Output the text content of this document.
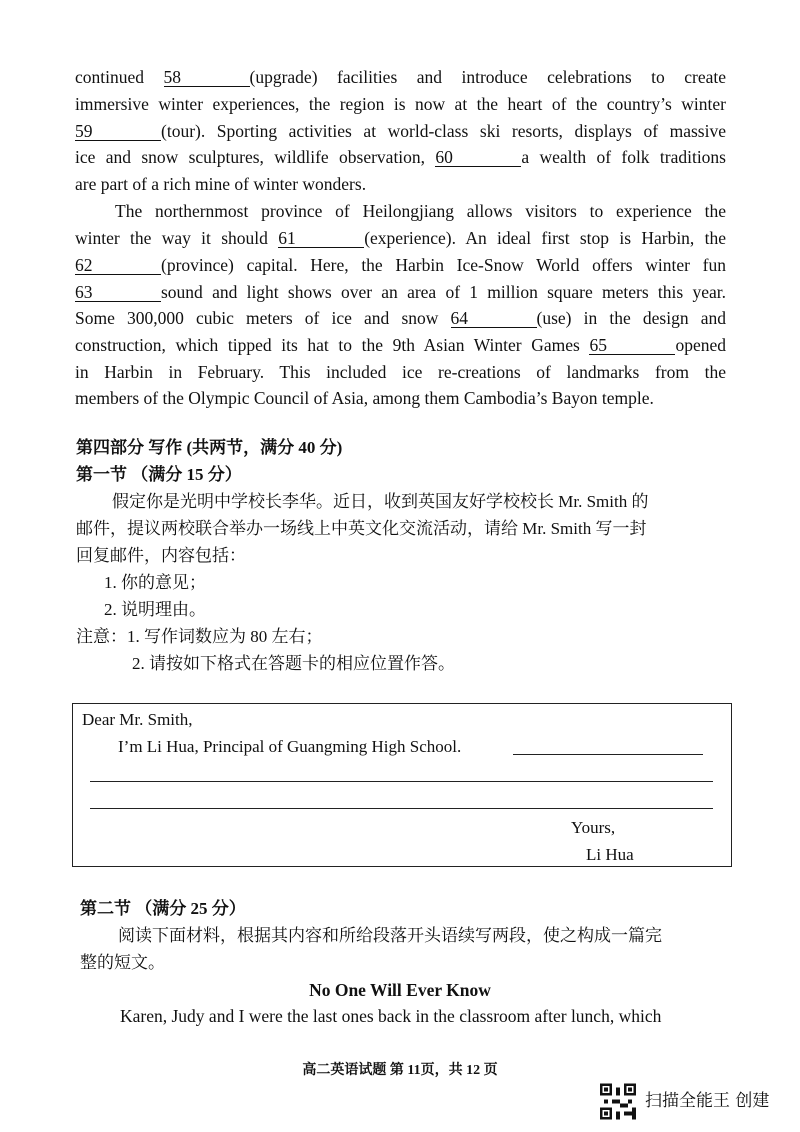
continued 58	(upgrade) facilities and introduce celebrations to create
immersive winter experiences, the region is now at the heart of the country’s winter
59	(tour). Sporting activities at world-class ski resorts, displays of massive
ice and snow sculptures, wildlife observation, 60	a wealth of folk traditions
are part of a rich mine of winter wonders.
The northernmost province of Heilongjiang allows visitors to experience the
winter the way it should 61	(experience). An ideal first stop is Harbin, the
62	(province) capital. Here, the Harbin Ice-Snow World offers winter fun
63	sound and light shows over an area of 1 million square meters this year.
Some 300,000 cubic meters of ice and snow 64	(use) in the design and
construction, which tipped its hat to the 9th Asian Winter Games 65	opened
in Harbin in February. This included ice re-creations of landmarks from the
members of the Olympic Council of Asia, among them Cambodia’s Bayon temple.
第四部分 写作 (共两节，满分 40 分)
第一节 （满分 15 分）
假定你是光明中学校长李华。近日，收到英国友好学校校长 Mr. Smith 的
邮件，提议两校联合举办一场线上中英文化交流活动，请给 Mr. Smith 写一封
回复邮件，内容包括：
1. 你的意见；
2. 说明理由。
注意：1. 写作词数应为 80 左右；
2. 请按如下格式在答题卡的相应位置作答。
Dear Mr. Smith,
I’m Li Hua, Principal of Guangming High School.
Yours,
Li Hua
第二节 （满分 25 分）
阅读下面材料，根据其内容和所给段落开头语续写两段，使之构成一篇完
整的短文。
No One Will Ever Know
Karen, Judy and I were the last ones back in the classroom after lunch, which
高二英语试题 第 11页，共 12 页
扫描全能王 创建
